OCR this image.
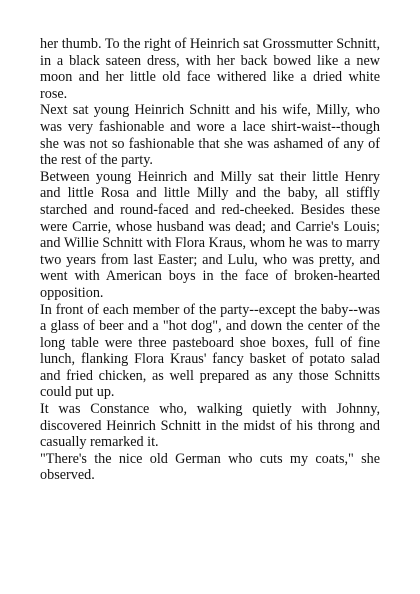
her thumb. To the right of Heinrich sat Grossmutter Schnitt, in a black sateen dress, with her back bowed like a new moon and her little old face withered like a dried white rose.

Next sat young Heinrich Schnitt and his wife, Milly, who was very fashionable and wore a lace shirt-waist--though she was not so fashionable that she was ashamed of any of the rest of the party.

Between young Heinrich and Milly sat their little Henry and little Rosa and little Milly and the baby, all stiffly starched and round-faced and red-cheeked. Besides these were Carrie, whose husband was dead; and Carrie's Louis; and Willie Schnitt with Flora Kraus, whom he was to marry two years from last Easter; and Lulu, who was pretty, and went with American boys in the face of broken-hearted opposition.

In front of each member of the party--except the baby--was a glass of beer and a "hot dog", and down the center of the long table were three pasteboard shoe boxes, full of fine lunch, flanking Flora Kraus' fancy basket of potato salad and fried chicken, as well prepared as any those Schnitts could put up.

It was Constance who, walking quietly with Johnny, discovered Heinrich Schnitt in the midst of his throng and casually remarked it.

"There's the nice old German who cuts my coats," she observed.
